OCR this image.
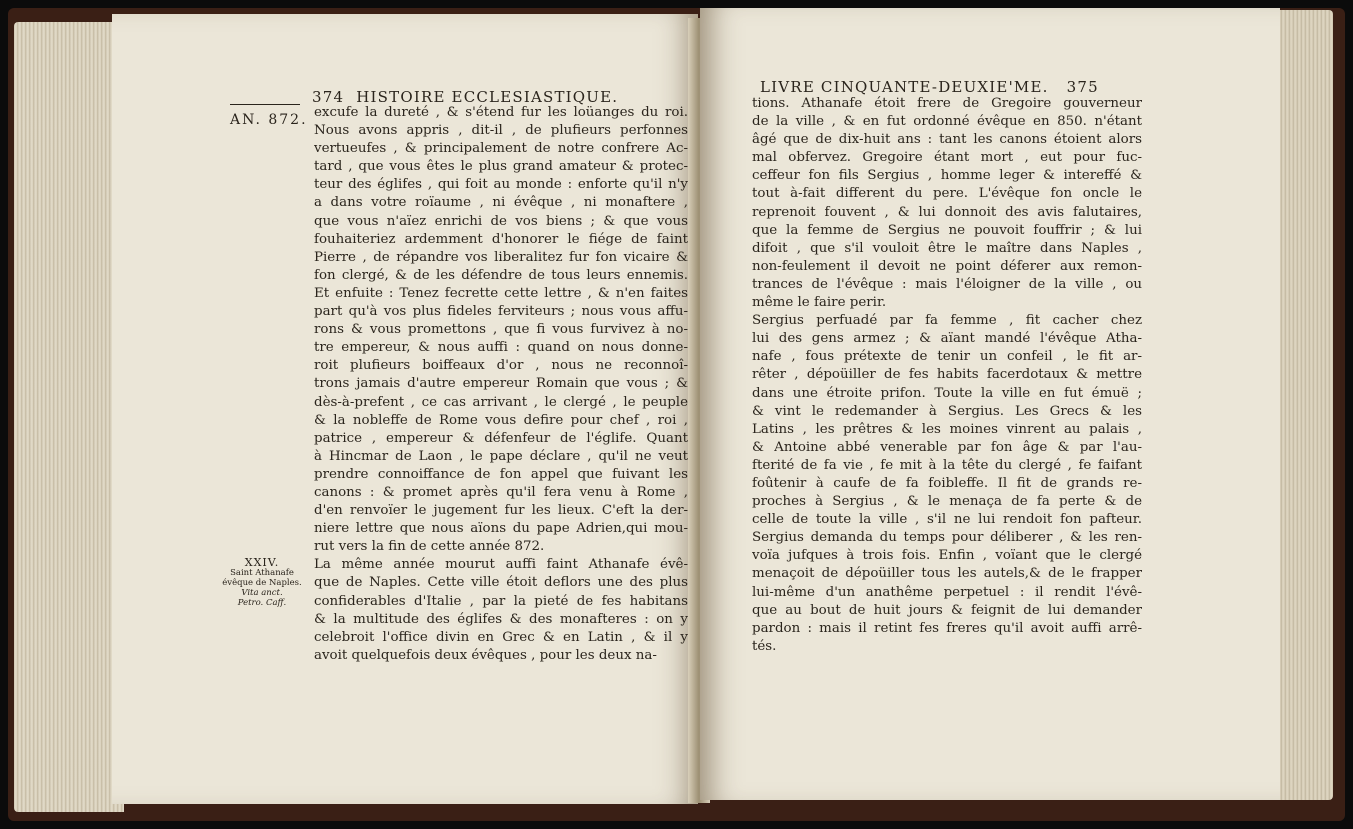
374 HISTOIRE ECCLESIASTIQUE.
AN. 872.
XXIV.
Saint Athanafe
évêque de Naples.
Vita anct.
Petro. Caff.
excufe la dureté , & s'étend fur les loüanges du roi.
Nous avons appris , dit-il , de plufieurs perfonnes
vertueufes , & principalement de notre confrere Ac-
tard , que vous êtes le plus grand amateur & protec-
teur des églifes , qui foit au monde : enforte qu'il n'y
a dans votre roïaume , ni évêque , ni monaftere ,
que vous n'aïez enrichi de vos biens ; & que vous
fouhaiteriez ardemment d'honorer le fiége de faint
Pierre , de répandre vos liberalitez fur fon vicaire &
fon clergé, & de les défendre de tous leurs ennemis.
Et enfuite : Tenez fecrette cette lettre , & n'en faites
part qu'à vos plus fideles ferviteurs ; nous vous affu-
rons & vous promettons , que fi vous furvivez à no-
tre empereur, & nous auffi : quand on nous donne-
roit plufieurs boiffeaux d'or , nous ne reconnoî-
trons jamais d'autre empereur Romain que vous ; &
dès-à-prefent , ce cas arrivant , le clergé , le peuple
& la nobleffe de Rome vous defire pour chef , roi ,
patrice , empereur & défenfeur de l'églife. Quant
à Hincmar de Laon , le pape déclare , qu'il ne veut
prendre connoiffance de fon appel que fuivant les
canons : & promet après qu'il fera venu à Rome ,
d'en renvoïer le jugement fur les lieux. C'eft la der-
niere lettre que nous aïons du pape Adrien,qui mou-
rut vers la fin de cette année 872.
La même année mourut auffi faint Athanafe évê-
que de Naples. Cette ville étoit deflors une des plus
confiderables d'Italie , par la pieté de fes habitans
& la multitude des églifes & des monafteres : on y
celebroit l'office divin en Grec & en Latin , & il y
avoit quelquefois deux évêques , pour les deux na-
LIVRE CINQUANTE-DEUXIE'ME. 375
tions. Athanafe étoit frere de Gregoire gouverneur
de la ville , & en fut ordonné évêque en 850. n'étant
âgé que de dix-huit ans : tant les canons étoient alors
mal obfervez. Gregoire étant mort , eut pour fuc-
ceffeur fon fils Sergius , homme leger & intereffé &
tout à-fait different du pere. L'évêque fon oncle le
reprenoit fouvent , & lui donnoit des avis falutaires,
que la femme de Sergius ne pouvoit fouffrir ; & lui
difoit , que s'il vouloit être le maître dans Naples ,
non-feulement il devoit ne point déferer aux remon-
trances de l'évêque : mais l'éloigner de la ville , ou
même le faire perir.
Sergius perfuadé par fa femme , fit cacher chez
lui des gens armez ; & aïant mandé l'évêque Atha-
nafe , fous prétexte de tenir un confeil , le fit ar-
rêter , dépoüiller de fes habits facerdotaux & mettre
dans une étroite prifon. Toute la ville en fut émuë ;
& vint le redemander à Sergius. Les Grecs & les
Latins , les prêtres & les moines vinrent au palais ,
& Antoine abbé venerable par fon âge & par l'au-
fterité de fa vie , fe mit à la tête du clergé , fe faifant
foûtenir à caufe de fa foibleffe. Il fit de grands re-
proches à Sergius , & le menaça de fa perte & de
celle de toute la ville , s'il ne lui rendoit fon pafteur.
Sergius demanda du temps pour déliberer , & les ren-
voïa jufques à trois fois. Enfin , voïant que le clergé
menaçoit de dépoüiller tous les autels,& de le frapper
lui-même d'un anathême perpetuel : il rendit l'évê-
que au bout de huit jours & feignit de lui demander
pardon : mais il retint fes freres qu'il avoit auffi arrê-
tés.
